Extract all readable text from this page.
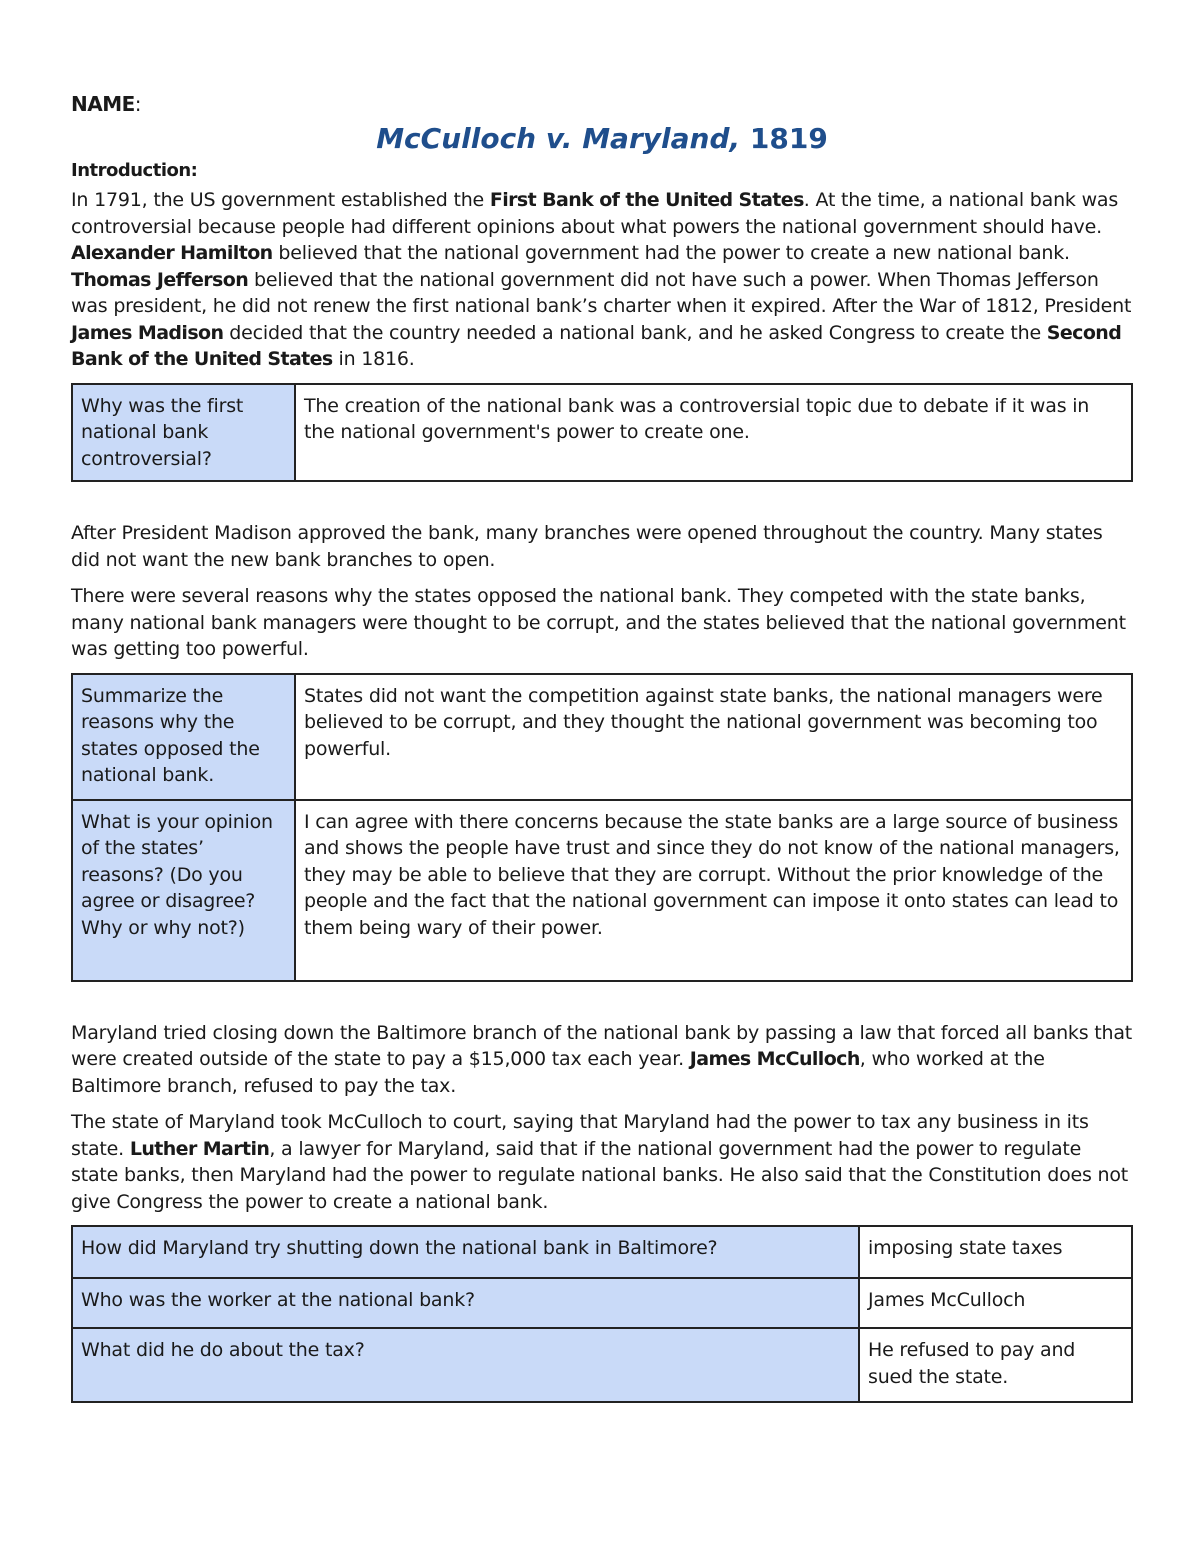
NAME:
McCulloch v. Maryland, 1819
Introduction:

In 1791, the US government established the First Bank of the United States. At the time, a national bank was controversial because people had different opinions about what powers the national government should have. Alexander Hamilton believed that the national government had the power to create a new national bank. Thomas Jefferson believed that the national government did not have such a power. When Thomas Jefferson was president, he did not renew the first national bank’s charter when it expired. After the War of 1812, President James Madison decided that the country needed a national bank, and he asked Congress to create the Second Bank of the United States in 1816.

Why was the first national bank controversial?	The creation of the national bank was a controversial topic due to debate if it was in the national government's power to create one.

After President Madison approved the bank, many branches were opened throughout the country. Many states did not want the new bank branches to open.

There were several reasons why the states opposed the national bank. They competed with the state banks, many national bank managers were thought to be corrupt, and the states believed that the national government was getting too powerful.

Summarize the reasons why the states opposed the national bank.	States did not want the competition against state banks, the national managers were believed to be corrupt, and they thought the national government was becoming too powerful.
What is your opinion of the states’ reasons? (Do you agree or disagree? Why or why not?)	I can agree with there concerns because the state banks are a large source of business and shows the people have trust and since they do not know of the national managers, they may be able to believe that they are corrupt. Without the prior knowledge of the people and the fact that the national government can impose it onto states can lead to them being wary of their power.

Maryland tried closing down the Baltimore branch of the national bank by passing a law that forced all banks that were created outside of the state to pay a $15,000 tax each year. James McCulloch, who worked at the Baltimore branch, refused to pay the tax.

The state of Maryland took McCulloch to court, saying that Maryland had the power to tax any business in its state. Luther Martin, a lawyer for Maryland, said that if the national government had the power to regulate state banks, then Maryland had the power to regulate national banks. He also said that the Constitution does not give Congress the power to create a national bank.

How did Maryland try shutting down the national bank in Baltimore?	imposing state taxes
Who was the worker at the national bank?	James McCulloch
What did he do about the tax?	He refused to pay and sued the state.
